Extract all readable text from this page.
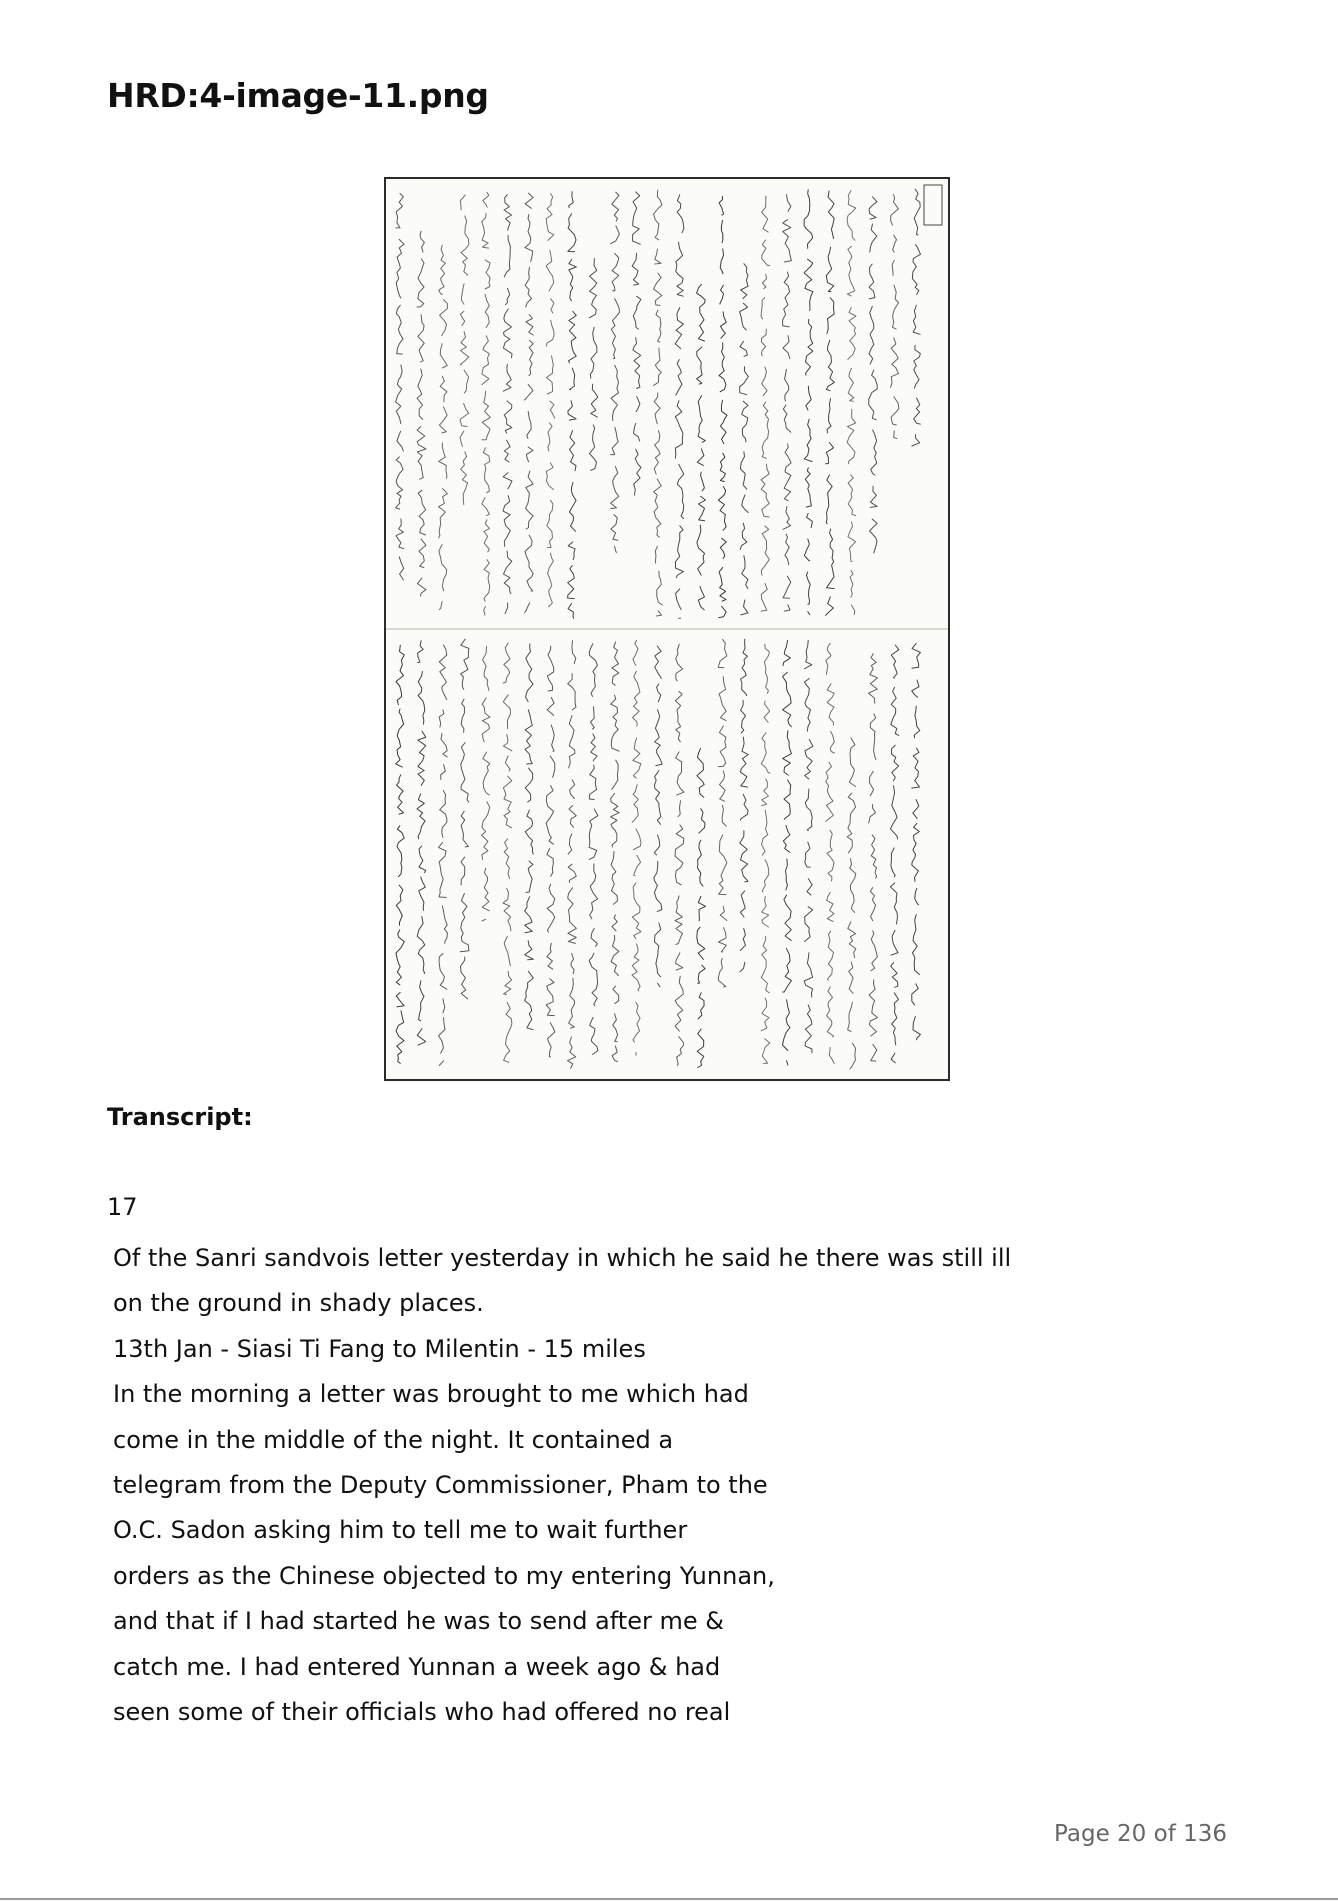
HRD:4-image-11.png

Transcript:

17

Of the Sanri sandvois letter yesterday in which he said he there was still ill
on the ground in shady places.
13th Jan - Siasi Ti Fang to Milentin - 15 miles
In the morning a letter was brought to me which had
come in the middle of the night. It contained a
telegram from the Deputy Commissioner, Pham to the
O.C. Sadon asking him to tell me to wait further
orders as the Chinese objected to my entering Yunnan,
and that if I had started he was to send after me &
catch me. I had entered Yunnan a week ago & had
seen some of their officials who had offered no real
Page 20 of 136
